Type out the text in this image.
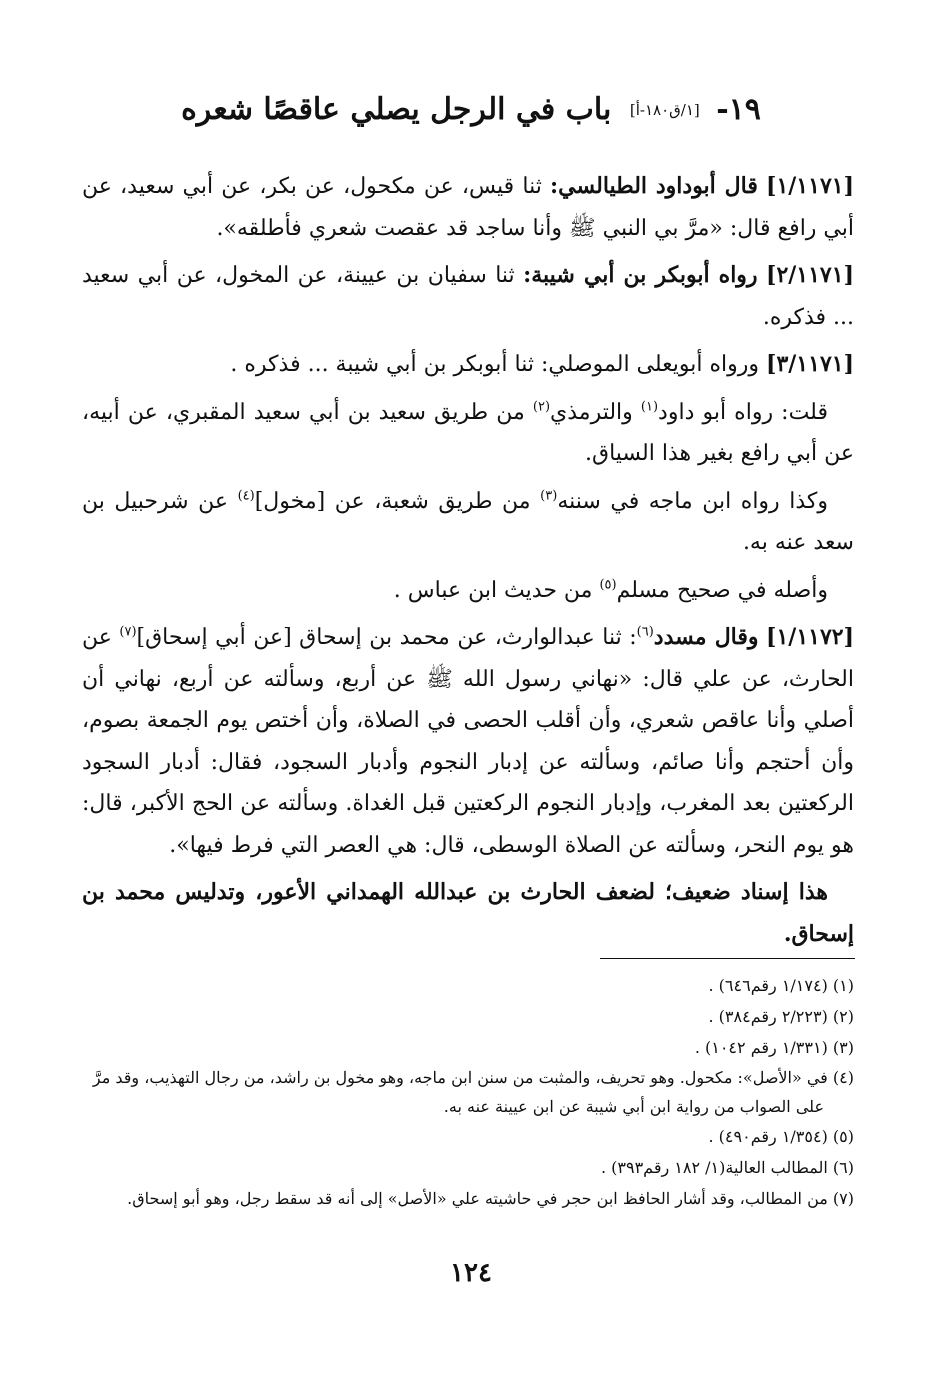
١٩- [١/ق١٨٠-أ] باب في الرجل يصلي عاقصًا شعره

[١/١١٧١] قال أبوداود الطيالسي: ثنا قيس، عن مكحول، عن بكر، عن أبي سعيد، عن أبي رافع قال: «مرَّ بي النبي ﷺ وأنا ساجد قد عقصت شعري فأطلقه».

[٢/١١٧١] رواه أبوبكر بن أبي شيبة: ثنا سفيان بن عيينة، عن المخول، عن أبي سعيد ... فذكره.

[٣/١١٧١] ورواه أبويعلى الموصلي: ثنا أبوبكر بن أبي شيبة ... فذكره .

قلت: رواه أبو داود$^{(١)}$ والترمذي$^{(٢)}$ من طريق سعيد بن أبي سعيد المقبري، عن أبيه، عن أبي رافع بغير هذا السياق.

وكذا رواه ابن ماجه في سننه$^{(٣)}$ من طريق شعبة، عن [مخول]$^{(٤)}$ عن شرحبيل بن سعد عنه به.

وأصله في صحيح مسلم$^{(٥)}$ من حديث ابن عباس .

[١/١١٧٢] وقال مسدد$^{(٦)}$: ثنا عبدالوارث، عن محمد بن إسحاق [عن أبي إسحاق]$^{(٧)}$ عن الحارث، عن علي قال: «نهاني رسول الله ﷺ عن أربع، وسألته عن أربع، نهاني أن أصلي وأنا عاقص شعري، وأن أقلب الحصى في الصلاة، وأن أختص يوم الجمعة بصوم، وأن أحتجم وأنا صائم، وسألته عن إدبار النجوم وأدبار السجود، فقال: أدبار السجود الركعتين بعد المغرب، وإدبار النجوم الركعتين قبل الغداة. وسألته عن الحج الأكبر، قال: هو يوم النحر، وسألته عن الصلاة الوسطى، قال: هي العصر التي فرط فيها».

هذا إسناد ضعيف؛ لضعف الحارث بن عبدالله الهمداني الأعور، وتدليس محمد بن إسحاق.

(١) (١/١٧٤ رقم٦٤٦) .
(٢) (٢/٢٢٣ رقم٣٨٤) .
(٣) (١/٣٣١ رقم ١٠٤٢) .
(٤) في «الأصل»: مكحول. وهو تحريف، والمثبت من سنن ابن ماجه، وهو مخول بن راشد، من رجال التهذيب، وقد مرَّ على الصواب من رواية ابن أبي شيبة عن ابن عيينة عنه به.
(٥) (١/٣٥٤ رقم٤٩٠) .
(٦) المطالب العالية(١/ ١٨٢ رقم٣٩٣) .
(٧) من المطالب، وقد أشار الحافظ ابن حجر في حاشيته علي «الأصل» إلى أنه قد سقط رجل، وهو أبو إسحاق.
١٢٤
